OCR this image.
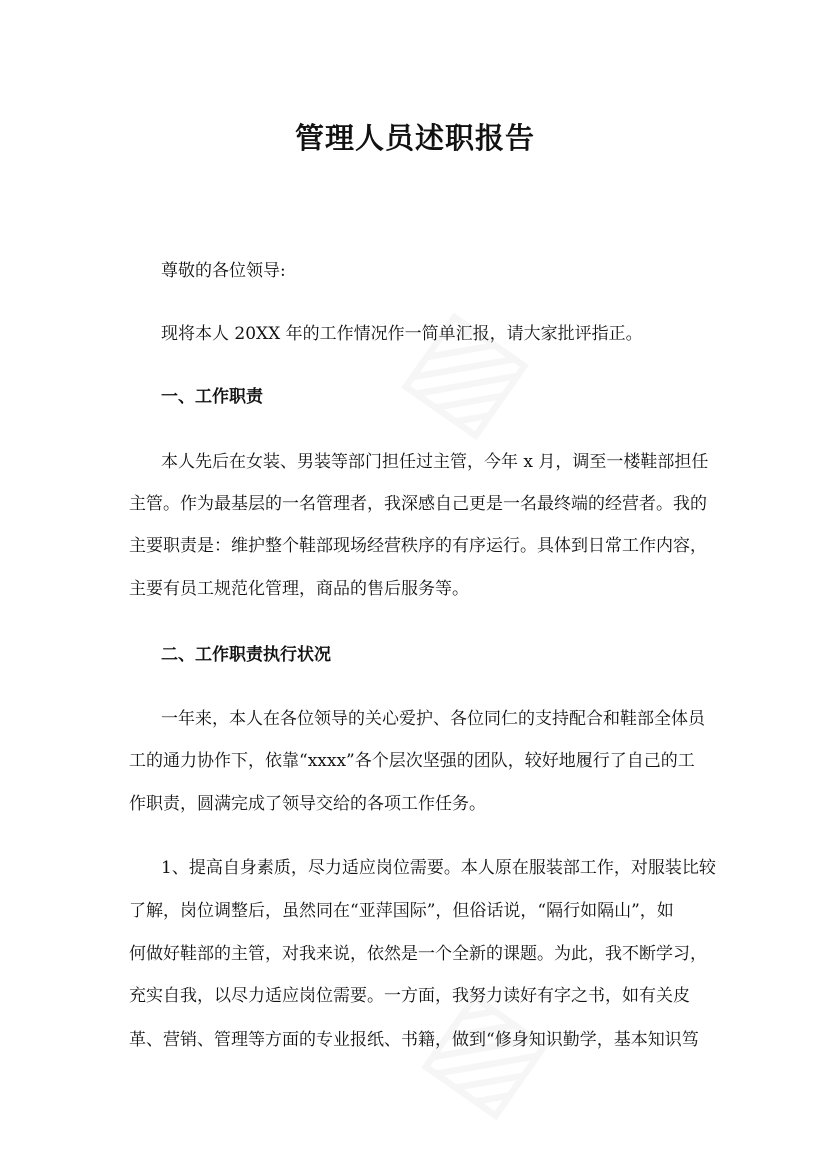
管理人员述职报告
尊敬的各位领导:
现将本人 20XX 年的工作情况作一简单汇报，请大家批评指正。
一、工作职责
本人先后在女装、男装等部门担任过主管，今年 x 月，调至一楼鞋部担任
主管。作为最基层的一名管理者，我深感自己更是一名最终端的经营者。我的
主要职责是：维护整个鞋部现场经营秩序的有序运行。具体到日常工作内容，
主要有员工规范化管理，商品的售后服务等。
二、工作职责执行状况
一年来，本人在各位领导的关心爱护、各位同仁的支持配合和鞋部全体员
工的通力协作下，依靠“xxxx”各个层次坚强的团队，较好地履行了自己的工
作职责，圆满完成了领导交给的各项工作任务。
1、提高自身素质，尽力适应岗位需要。本人原在服装部工作，对服装比较
了解，岗位调整后，虽然同在“亚萍国际”，但俗话说，“隔行如隔山”，如
何做好鞋部的主管，对我来说，依然是一个全新的课题。为此，我不断学习，
充实自我，以尽力适应岗位需要。一方面，我努力读好有字之书，如有关皮
革、营销、管理等方面的专业报纸、书籍，做到“修身知识勤学，基本知识笃
